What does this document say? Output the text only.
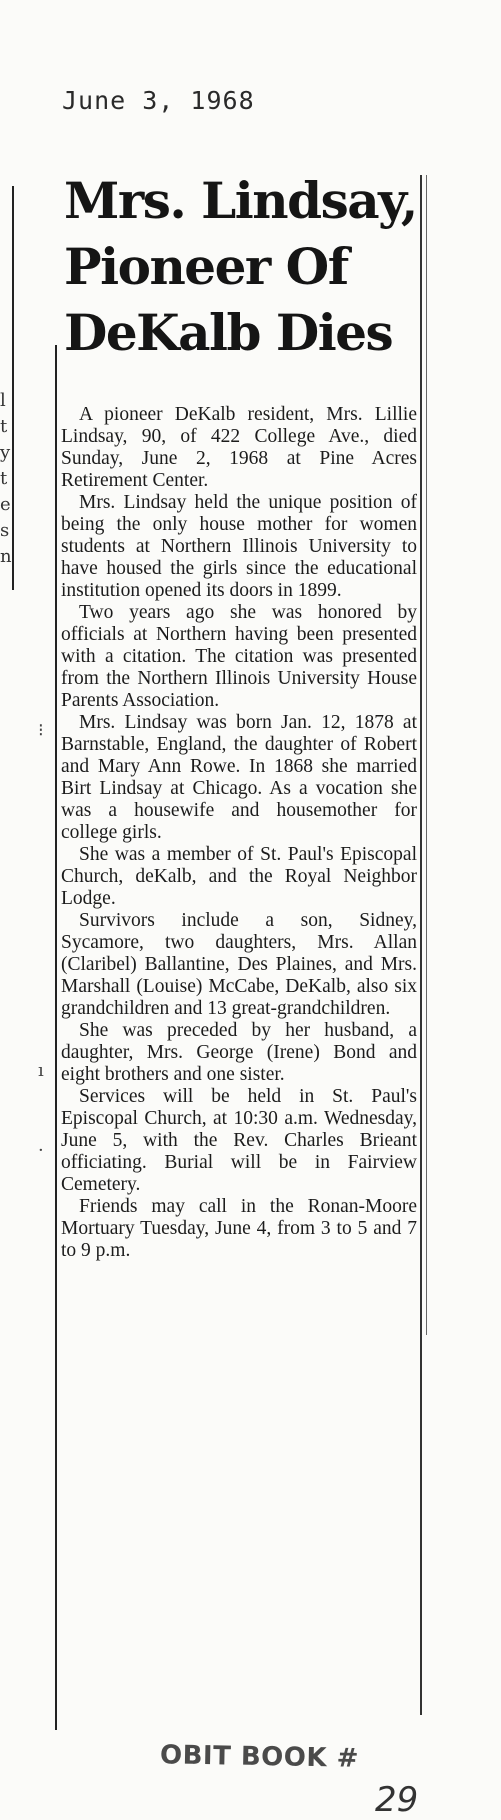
June 3, 1968
l
t
y
t
e
s
n
Mrs. Lindsay,
Pioneer Of
DeKalb Dies

A pioneer DeKalb resident, Mrs. Lillie Lindsay, 90, of 422 College Ave., died Sunday, June 2, 1968 at Pine Acres Retirement Center.

Mrs. Lindsay held the unique position of being the only house mother for women students at Northern Illinois University to have housed the girls since the educational institution opened its doors in 1899.

Two years ago she was honored by officials at Northern having been presented with a citation. The citation was presented from the Northern Illinois University House Parents Association.

Mrs. Lindsay was born Jan. 12, 1878 at Barnstable, England, the daughter of Robert and Mary Ann Rowe. In 1868 she married Birt Lindsay at Chicago. As a vocation she was a housewife and housemother for college girls.

She was a member of St. Paul's Episcopal Church, deKalb, and the Royal Neighbor Lodge.

Survivors include a son, Sidney, Sycamore, two daughters, Mrs. Allan (Claribel) Ballantine, Des Plaines, and Mrs. Marshall (Louise) McCabe, DeKalb, also six grandchildren and 13 great-grandchildren.

She was preceded by her husband, a daughter, Mrs. George (Irene) Bond and eight brothers and one sister.

Services will be held in St. Paul's Episcopal Church, at 10:30 a.m. Wednesday, June 5, with the Rev. Charles Brieant officiating. Burial will be in Fairview Cemetery.

Friends may call in the Ronan-Moore Mortuary Tuesday, June 4, from 3 to 5 and 7 to 9 p.m.

⁝
ı
·
OBIT BOOK #
29
